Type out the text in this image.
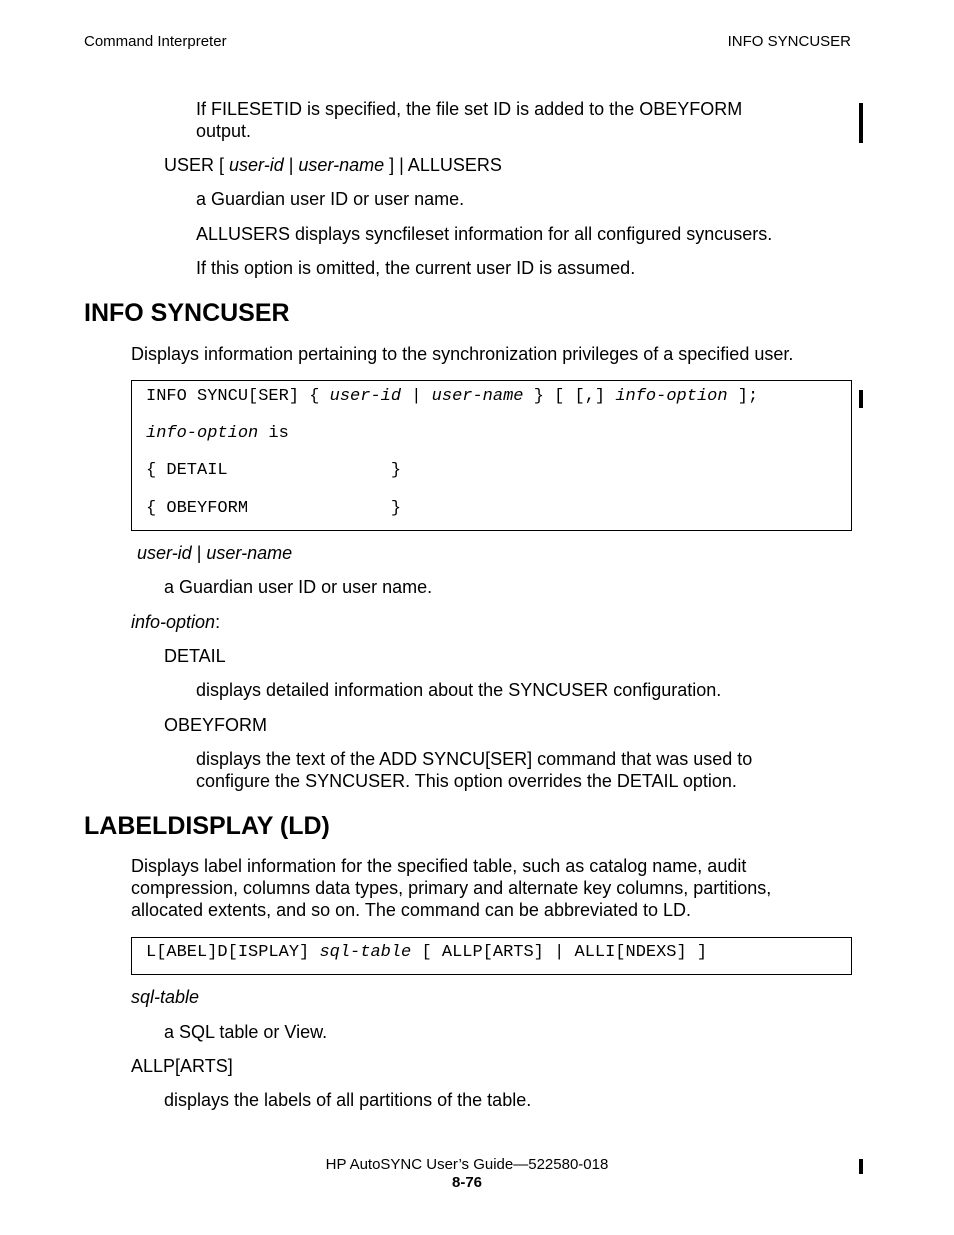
Command Interpreter	INFO SYNCUSER
If FILESETID is specified, the file set ID is added to the OBEYFORM
output.
USER [ user-id | user-name ] | ALLUSERS
a Guardian user ID or user name.
ALLUSERS displays syncfileset information for all configured syncusers.
If this option is omitted, the current user ID is assumed.
INFO SYNCUSER
Displays information pertaining to the synchronization privileges of a specified user.
INFO SYNCU[SER] { user-id | user-name } [ [,] info-option ];
info-option is
{ DETAIL                }
{ OBEYFORM              }
user-id | user-name
a Guardian user ID or user name.
info-option:
DETAIL
displays detailed information about the SYNCUSER configuration.
OBEYFORM
displays the text of the ADD SYNCU[SER] command that was used to
configure the SYNCUSER. This option overrides the DETAIL option.
LABELDISPLAY (LD)
Displays label information for the specified table, such as catalog name, audit
compression, columns data types, primary and alternate key columns, partitions,
allocated extents, and so on. The command can be abbreviated to LD.
L[ABEL]D[ISPLAY] sql-table [ ALLP[ARTS] | ALLI[NDEXS] ]
sql-table
a SQL table or View.
ALLP[ARTS]
displays the labels of all partitions of the table.
HP AutoSYNC User’s Guide—522580-018
8-76
